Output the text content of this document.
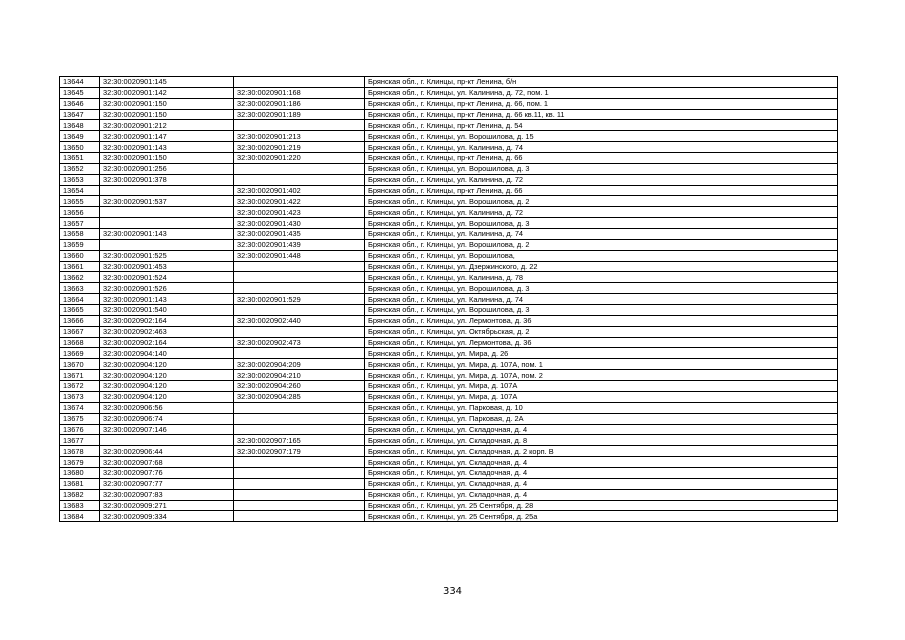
13644	32:30:0020901:145		Брянская обл., г. Клинцы, пр-кт Ленина, б/н
13645	32:30:0020901:142	32:30:0020901:168	Брянская обл., г. Клинцы, ул. Калинина, д. 72, пом. 1
13646	32:30:0020901:150	32:30:0020901:186	Брянская обл., г. Клинцы, пр-кт Ленина, д. 66, пом. 1
13647	32:30:0020901:150	32:30:0020901:189	Брянская обл., г. Клинцы, пр-кт Ленина, д. 66 кв.11, кв. 11
13648	32:30:0020901:212		Брянская обл., г. Клинцы, пр-кт Ленина, д. 54
13649	32:30:0020901:147	32:30:0020901:213	Брянская обл., г. Клинцы, ул. Ворошилова, д. 15
13650	32:30:0020901:143	32:30:0020901:219	Брянская обл., г. Клинцы, ул. Калинина, д. 74
13651	32:30:0020901:150	32:30:0020901:220	Брянская обл., г. Клинцы, пр-кт Ленина, д. 66
13652	32:30:0020901:256		Брянская обл., г. Клинцы, ул. Ворошилова, д. 3
13653	32:30:0020901:378		Брянская обл., г. Клинцы, ул. Калинина, д. 72
13654		32:30:0020901:402	Брянская обл., г. Клинцы, пр-кт Ленина, д. 66
13655	32:30:0020901:537	32:30:0020901:422	Брянская обл., г. Клинцы, ул. Ворошилова, д. 2
13656		32:30:0020901:423	Брянская обл., г. Клинцы, ул. Калинина, д. 72
13657		32:30:0020901:430	Брянская обл., г. Клинцы, ул. Ворошилова, д. 3
13658	32:30:0020901:143	32:30:0020901:435	Брянская обл., г. Клинцы, ул. Калинина, д. 74
13659		32:30:0020901:439	Брянская обл., г. Клинцы, ул. Ворошилова, д. 2
13660	32:30:0020901:525	32:30:0020901:448	Брянская обл., г. Клинцы, ул. Ворошилова,
13661	32:30:0020901:453		Брянская обл., г. Клинцы, ул. Дзержинского, д. 22
13662	32:30:0020901:524		Брянская обл., г. Клинцы, ул. Калинина, д. 78
13663	32:30:0020901:526		Брянская обл., г. Клинцы, ул. Ворошилова, д. 3
13664	32:30:0020901:143	32:30:0020901:529	Брянская обл., г. Клинцы, ул. Калинина, д. 74
13665	32:30:0020901:540		Брянская обл., г. Клинцы, ул. Ворошилова, д. 3
13666	32:30:0020902:164	32:30:0020902:440	Брянская обл., г. Клинцы, ул. Лермонтова, д. 36
13667	32:30:0020902:463		Брянская обл., г. Клинцы, ул. Октябрьская, д. 2
13668	32:30:0020902:164	32:30:0020902:473	Брянская обл., г. Клинцы, ул. Лермонтова, д. 36
13669	32:30:0020904:140		Брянская обл., г. Клинцы, ул. Мира, д. 26
13670	32:30:0020904:120	32:30:0020904:209	Брянская обл., г. Клинцы, ул. Мира, д. 107А, пом. 1
13671	32:30:0020904:120	32:30:0020904:210	Брянская обл., г. Клинцы, ул. Мира, д. 107А, пом. 2
13672	32:30:0020904:120	32:30:0020904:260	Брянская обл., г. Клинцы, ул. Мира, д. 107А
13673	32:30:0020904:120	32:30:0020904:285	Брянская обл., г. Клинцы, ул. Мира, д. 107А
13674	32:30:0020906:56		Брянская обл., г. Клинцы, ул. Парковая, д. 10
13675	32:30:0020906:74		Брянская обл., г. Клинцы, ул. Парковая, д. 2А
13676	32:30:0020907:146		Брянская обл., г. Клинцы, ул. Складочная, д. 4
13677		32:30:0020907:165	Брянская обл., г. Клинцы, ул. Складочная, д. 8
13678	32:30:0020906:44	32:30:0020907:179	Брянская обл., г. Клинцы, ул. Складочная, д. 2 корп. В
13679	32:30:0020907:68		Брянская обл., г. Клинцы, ул. Складочная, д. 4
13680	32:30:0020907:76		Брянская обл., г. Клинцы, ул. Складочная, д. 4
13681	32:30:0020907:77		Брянская обл., г. Клинцы, ул. Складочная, д. 4
13682	32:30:0020907:83		Брянская обл., г. Клинцы, ул. Складочная, д. 4
13683	32:30:0020909:271		Брянская обл., г. Клинцы, ул. 25 Сентября, д. 28
13684	32:30:0020909:334		Брянская обл., г. Клинцы, ул. 25 Сентября, д. 25а
334
